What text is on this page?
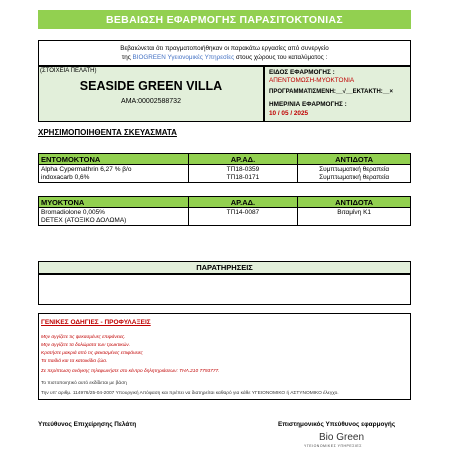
ΒΕΒΑΙΩΣΗ ΕΦΑΡΜΟΓΗΣ ΠΑΡΑΣΙΤΟΚΤΟΝΙΑΣ
Βεβαιώνεται ότι πραγματοποιήθηκαν οι παρακάτω εργασίες από συνεργείο
της BIOGREEN Υγειονομικές Υπηρεσίες στους χώρους του καταλύματος :
(ΣΤΟΙΧΕΙΑ ΠΕΛΑΤΗ)
SEASIDE GREEN VILLA
ΑΜΑ:00002588732
ΕΙΔΟΣ ΕΦΑΡΜΟΓΗΣ :
ΑΠΕΝΤΟΜΩΣΗ-ΜΥΟΚΤΟΝΙΑ
ΠΡΟΓΡΑΜΜΑΤΙΣΜΕΝΗ:__√__ΕΚΤΑΚΤΗ:__×
ΗΜΕΡ/ΝΙΑ ΕΦΑΡΜΟΓΗΣ :
10 / 05 / 2025
ΧΡΗΣΙΜΟΠΟΙΗΘΕΝΤΑ ΣΚΕΥΑΣΜΑΤΑ
ΕΝΤΟΜΟΚΤΟΝΑ	ΑΡ.ΑΔ.	ΑΝΤΙΔΟΤΑ
Alpha Cypermathrin 6,27 % β/ο	ΤΠ18-0359	Συμπτωματική θεραπεία
indoxacarb 0,6%	ΤΠ18-0171	Συμπτωματική θεραπεία
ΜΥΟΚΤΟΝΑ	ΑΡ.ΑΔ.	ΑΝΤΙΔΟΤΑ
Bromadiolone 0,005%	ΤΠ14-0087	Βιταμίνη Κ1
DETEX (ΑΤΟΞΙΚΟ ΔΟΛΩΜΑ)		
ΠΑΡΑΤΗΡΗΣΕΙΣ
ΓΕΝΙΚΕΣ ΟΔΗΓΙΕΣ - ΠΡΟΦΥΛΑΞΕΙΣ
Μην αγγίζετε τις ψεκασμένες επιφάνειες.
Μην αγγίζετε τα δολώματα των τρωκτικών.
Κρατήστε μακριά από τις ψεκασμένες επιφάνειες
Τα παιδιά και τα κατοικίδια ζώα.
Σε περίπτωση ανάγκης τηλεφωνήστε στο κέντρο δηλητηριάσεων: ΤΗΛ.210 7793777.
Το πιστοποιητικό αυτό εκδίδεται με βάση
Την υπ' αριθμ. 114976/25-04-2007 Υπουργική Απόφαση και πρέπει να διατηρείται καθαρό για κάθε ΥΓΕΙΟΝΟΜΙΚΟ ή ΑΣΤΥΝΟΜΙΚΟ έλεγχο.
Υπεύθυνος Επιχείρησης Πελάτη	Επιστημονικός Υπεύθυνος εφαρμογής
Bio Green
ΥΓΕΙΟΝΟΜΙΚΕΣ ΥΠΗΡΕΣΙΕΣ
